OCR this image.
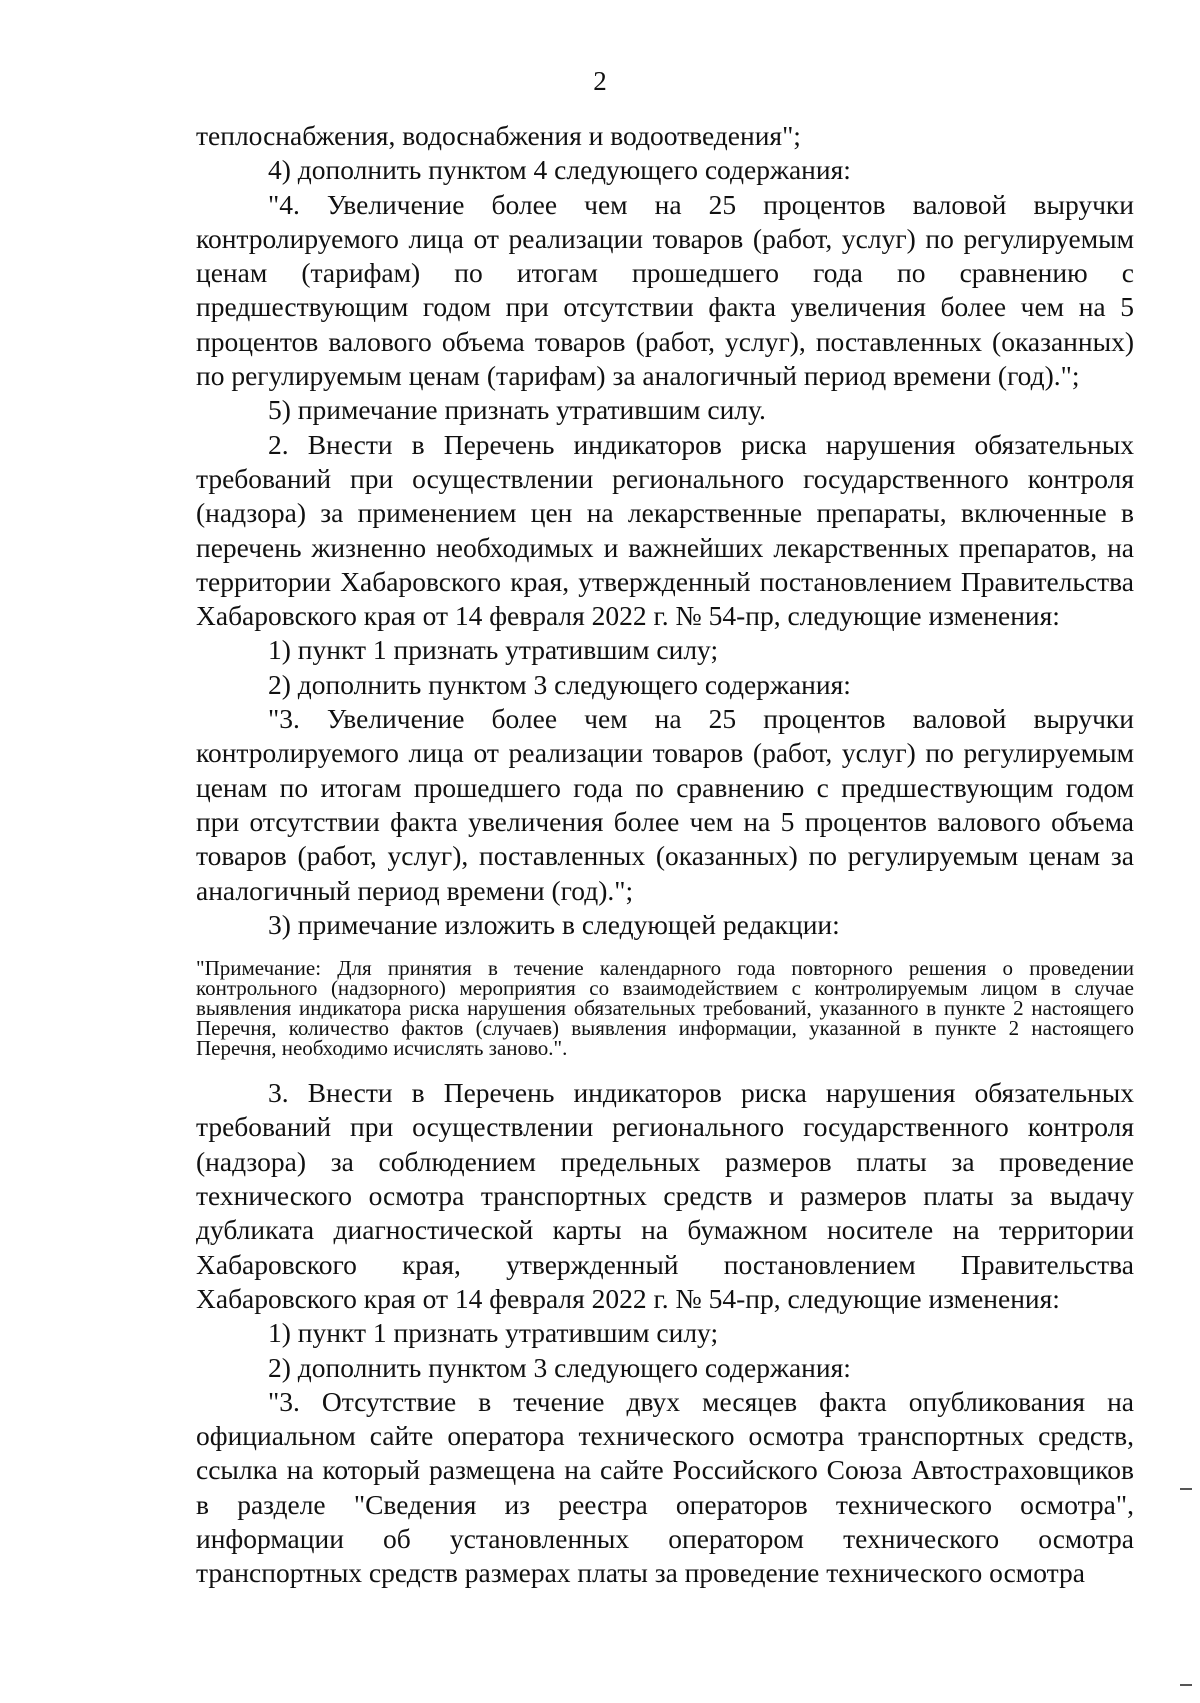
2

теплоснабжения, водоснабжения и водоотведения";

4) дополнить пунктом 4 следующего содержания:

"4. Увеличение более чем на 25 процентов валовой выручки контролируемого лица от реализации товаров (работ, услуг) по регулируемым ценам (тарифам) по итогам прошедшего года по сравнению с предшествующим годом при отсутствии факта увеличения более чем на 5 процентов валового объема товаров (работ, услуг), поставленных (оказанных) по регулируемым ценам (тарифам) за аналогичный период времени (год).";

5) примечание признать утратившим силу.

2. Внести в Перечень индикаторов риска нарушения обязательных требований при осуществлении регионального государственного контроля (надзора) за применением цен на лекарственные препараты, включенные в перечень жизненно необходимых и важнейших лекарственных препаратов, на территории Хабаровского края, утвержденный постановлением Правительства Хабаровского края от 14 февраля 2022 г. № 54-пр, следующие изменения:

1) пункт 1 признать утратившим силу;

2) дополнить пунктом 3 следующего содержания:

"3. Увеличение более чем на 25 процентов валовой выручки контролируемого лица от реализации товаров (работ, услуг) по регулируемым ценам по итогам прошедшего года по сравнению с предшествующим годом при отсутствии факта увеличения более чем на 5 процентов валового объема товаров (работ, услуг), поставленных (оказанных) по регулируемым ценам за аналогичный период времени (год).";

3) примечание изложить в следующей редакции:

"Примечание: Для принятия в течение календарного года повторного решения о проведении контрольного (надзорного) мероприятия со взаимодействием с контролируемым лицом в случае выявления индикатора риска нарушения обязательных требований, указанного в пункте 2 настоящего Перечня, количество фактов (случаев) выявления информации, указанной в пункте 2 настоящего Перечня, необходимо исчислять заново.".

3. Внести в Перечень индикаторов риска нарушения обязательных требований при осуществлении регионального государственного контроля (надзора) за соблюдением предельных размеров платы за проведение технического осмотра транспортных средств и размеров платы за выдачу дубликата диагностической карты на бумажном носителе на территории Хабаровского края, утвержденный постановлением Правительства Хабаровского края от 14 февраля 2022 г. № 54-пр, следующие изменения:

1) пункт 1 признать утратившим силу;

2) дополнить пунктом 3 следующего содержания:

"3. Отсутствие в течение двух месяцев факта опубликования на официальном сайте оператора технического осмотра транспортных средств, ссылка на который размещена на сайте Российского Союза Автостраховщиков в разделе "Сведения из реестра операторов технического осмотра", информации об установленных оператором технического осмотра транспортных средств размерах платы за проведение технического осмотра
